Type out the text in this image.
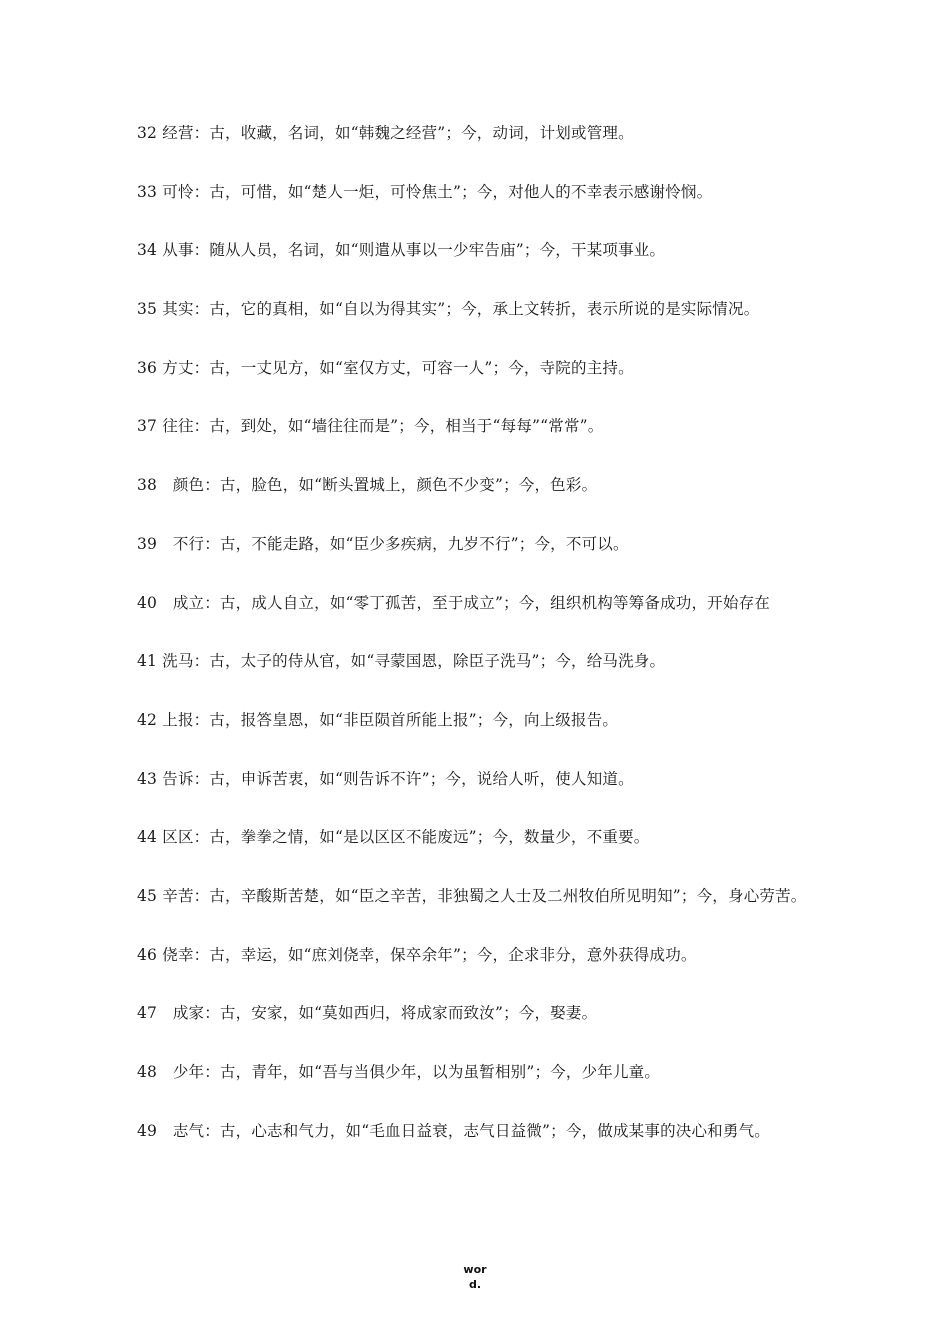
32 经营：古，收藏，名词，如“韩魏之经营”；今，动词，计划或管理。

33 可怜：古，可惜，如“楚人一炬，可怜焦土”；今，对他人的不幸表示感谢怜悯。

34 从事：随从人员，名词，如“则遣从事以一少牢告庙”；今，干某项事业。

35 其实：古，它的真相，如“自以为得其实”；今，承上文转折，表示所说的是实际情况。

36 方丈：古，一丈见方，如“室仅方丈，可容一人”；今，寺院的主持。

37 往往：古，到处，如“墙往往而是”；今，相当于“每每”“常常”。

38　颜色：古，脸色，如“断头置城上，颜色不少变”；今，色彩。

39　不行：古，不能走路，如“臣少多疾病，九岁不行”；今，不可以。

40　成立：古，成人自立，如“零丁孤苦，至于成立”；今，组织机构等筹备成功，开始存在

41 洗马：古，太子的侍从官，如“寻蒙国恩，除臣子洗马”；今，给马洗身。

42 上报：古，报答皇恩，如“非臣陨首所能上报”；今，向上级报告。

43 告诉：古，申诉苦衷，如“则告诉不许”；今，说给人听，使人知道。

44 区区：古，拳拳之情，如“是以区区不能废远”；今，数量少，不重要。

45 辛苦：古，辛酸斯苦楚，如“臣之辛苦，非独蜀之人士及二州牧伯所见明知”；今，身心劳苦。

46 侥幸：古，幸运，如“庶刘侥幸，保卒余年”；今，企求非分，意外获得成功。

47　成家：古，安家，如“莫如西归，将成家而致汝”；今，娶妻。

48　少年：古，青年，如“吾与当俱少年，以为虽暂相别”；今，少年儿童。

49　志气：古，心志和气力，如“毛血日益衰，志气日益微”；今，做成某事的决心和勇气。

wor
d.
